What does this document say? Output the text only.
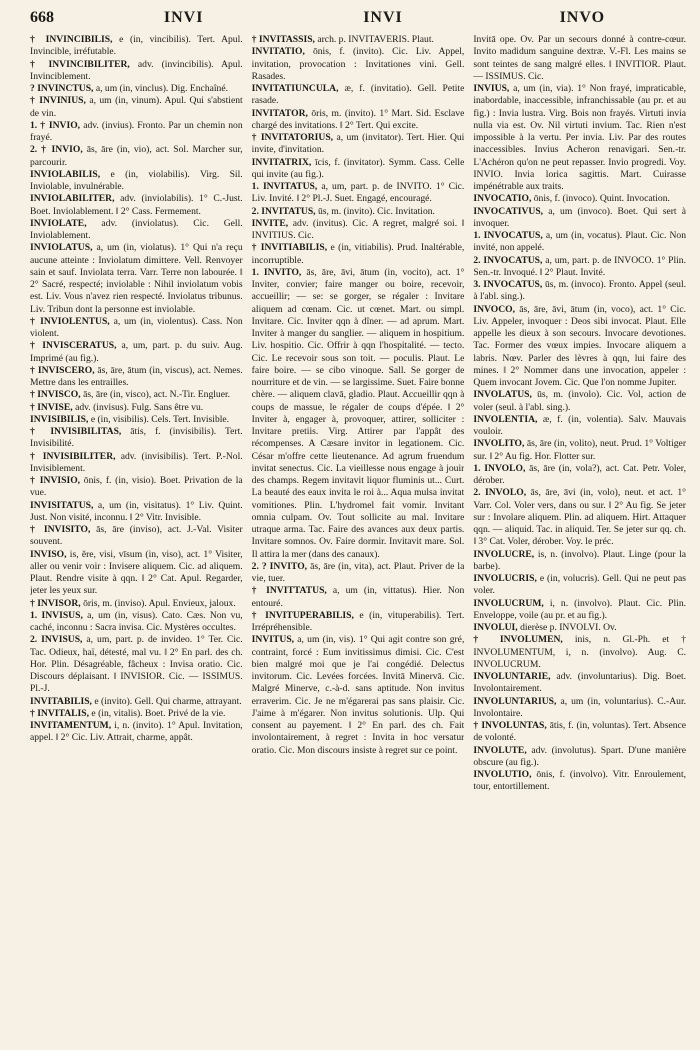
668	INVI	INVI	INVO

† INVINCIBILIS, e (in, vincibilis). Tert. Apul. Invincible, irréfutable.

† INVINCIBILITER, adv. (invincibilis). Apul. Invinciblement.

? INVINCTUS, a, um (in, vinclus). Dig. Enchaîné.

† INVINIUS, a, um (in, vinum). Apul. Qui s'abstient de vin.

1. † INVIO, adv. (invius). Fronto. Par un chemin non frayé.

2. † INVIO, ās, āre (in, vio), act. Sol. Marcher sur, parcourir.

INVIOLABILIS, e (in, violabilis). Virg. Sil. Inviolable, invulnérable.

INVIOLABILITER, adv. (inviolabilis). 1° C.-Just. Boet. Inviolablement. ‖ 2° Cass. Fermement.

INVIOLATE, adv. (inviolatus). Cic. Gell. Inviolablement.

INVIOLATUS, a, um (in, violatus). 1° Qui n'a reçu aucune atteinte : Inviolatum dimittere. Vell. Renvoyer sain et sauf. Inviolata terra. Varr. Terre non labourée. ‖ 2° Sacré, respecté; inviolable : Nihil inviolatum vobis est. Liv. Vous n'avez rien respecté. Inviolatus tribunus. Liv. Tribun dont la personne est inviolable.

† INVIOLENTUS, a, um (in, violentus). Cass. Non violent.

† INVISCERATUS, a, um, part. p. du suiv. Aug. Imprimé (au fig.).

† INVISCERO, ās, āre, ātum (in, viscus), act. Nemes. Mettre dans les entrailles.

† INVISCO, ās, āre (in, visco), act. N.-Tir. Engluer.

† INVISE, adv. (invisus). Fulg. Sans être vu.

INVISIBILIS, e (in, visibilis). Cels. Tert. Invisible.

† INVISIBILITAS, ātis, f. (invisibilis). Tert. Invisibilité.

† INVISIBILITER, adv. (invisibilis). Tert. P.-Nol. Invisiblement.

† INVISIO, ōnis, f. (in, visio). Boet. Privation de la vue.

INVISITATUS, a, um (in, visitatus). 1° Liv. Quint. Just. Non visité, inconnu. ‖ 2° Vitr. Invisible.

† INVISITO, ās, āre (inviso), act. J.-Val. Visiter souvent.

INVISO, is, ĕre, visi, vīsum (in, viso), act. 1° Visiter, aller ou venir voir : Invisere aliquem. Cic. ad aliquem. Plaut. Rendre visite à qqn. ‖ 2° Cat. Apul. Regarder, jeter les yeux sur.

† INVISOR, ōris, m. (inviso). Apul. Envieux, jaloux.

1. INVISUS, a, um (in, visus). Cato. Cæs. Non vu, caché, inconnu : Sacra invisa. Cic. Mystères occultes.

2. INVISUS, a, um, part. p. de invideo. 1° Ter. Cic. Tac. Odieux, haï, détesté, mal vu. ‖ 2° En parl. des ch. Hor. Plin. Désagréable, fâcheux : Invisa oratio. Cic. Discours déplaisant. ‖ INVISIOR. Cic. — ISSIMUS. Pl.-J.

INVITABILIS, e (invito). Gell. Qui charme, attrayant.

† INVITALIS, e (in, vitalis). Boet. Privé de la vie.

INVITAMENTUM, i, n. (invito). 1° Apul. Invitation, appel. ‖ 2° Cic. Liv. Attrait, charme, appât.

† INVITASSIS, arch. p. INVITAVERIS. Plaut.

INVITATIO, ōnis, f. (invito). Cic. Liv. Appel, invitation, provocation : Invitationes vini. Gell. Rasades.

INVITATIUNCULA, æ, f. (invitatio). Gell. Petite rasade.

INVITATOR, ōris, m. (invito). 1° Mart. Sid. Esclave chargé des invitations. ‖ 2° Tert. Qui excite.

† INVITATORIUS, a, um (invitator). Tert. Hier. Qui invite, d'invitation.

INVITATRIX, īcis, f. (invitator). Symm. Cass. Celle qui invite (au fig.).

1. INVITATUS, a, um, part. p. de INVITO. 1° Cic. Liv. Invité. ‖ 2° Pl.-J. Suet. Engagé, encouragé.

2. INVITATUS, ūs, m. (invito). Cic. Invitation.

INVITE, adv. (invitus). Cic. A regret, malgré soi. ‖ INVITIUS. Cic.

† INVITIABILIS, e (in, vitiabilis). Prud. Inaltérable, incorruptible.

1. INVITO, ās, āre, āvi, ātum (in, vocito), act. 1° Inviter, convier; faire manger ou boire, recevoir, accueillir; — se: se gorger, se régaler : Invitare aliquem ad cœnam. Cic. ut cœnet. Mart. ou simpl. Invitare. Cic. Inviter qqn à dîner. — ad aprum. Mart. Inviter à manger du sanglier. — aliquem in hospitium. Liv. hospitio. Cic. Offrir à qqn l'hospitalité. — tecto. Cic. Le recevoir sous son toit. — poculis. Plaut. Le faire boire. — se cibo vinoque. Sall. Se gorger de nourriture et de vin. — se largissime. Suet. Faire bonne chère. — aliquem clavā, gladio. Plaut. Accueillir qqn à coups de massue, le régaler de coups d'épée. ‖ 2° Inviter à, engager à, provoquer, attirer, solliciter : Invitare pretiis. Virg. Attirer par l'appât des récompenses. A Cæsare invitor in legationem. Cic. César m'offre cette lieutenance. Ad agrum fruendum invitat senectus. Cic. La vieillesse nous engage à jouir des champs. Regem invitavit liquor fluminis ut... Curt. La beauté des eaux invita le roi à... Aqua mulsa invitat vomitiones. Plin. L'hydromel fait vomir. Invitant omnia culpam. Ov. Tout sollicite au mal. Invitare utraque arma. Tac. Faire des avances aux deux partis. Invitare somnos. Ov. Faire dormir. Invitavit mare. Sol. Il attira la mer (dans des canaux).

2. ? INVITO, ās, āre (in, vita), act. Plaut. Priver de la vie, tuer.

† INVITTATUS, a, um (in, vittatus). Hier. Non entouré.

† INVITUPERABILIS, e (in, vituperabilis). Tert. Irrépréhensible.

INVITUS, a, um (in, vis). 1° Qui agit contre son gré, contraint, forcé : Eum invitissimus dimisi. Cic. C'est bien malgré moi que je l'ai congédié. Delectus invitorum. Cic. Levées forcées. Invitā Minervā. Cic. Malgré Minerve, c.-à-d. sans aptitude. Non invitus erraverim. Cic. Je ne m'égarerai pas sans plaisir. Cic. J'aime à m'égarer. Non invitus solutionis. Ulp. Qui consent au payement. ‖ 2° En parl. des ch. Fait involontairement, à regret : Invita in hoc versatur oratio. Cic. Mon discours insiste à regret sur ce point.

Invitā ope. Ov. Par un secours donné à contre-cœur. Invito madidum sanguine dextræ. V.-Fl. Les mains se sont teintes de sang malgré elles. ‖ INVITIOR. Plaut. — ISSIMUS. Cic.

INVIUS, a, um (in, via). 1° Non frayé, impraticable, inabordable, inaccessible, infranchissable (au pr. et au fig.) : Invia lustra. Virg. Bois non frayés. Virtuti invia nulla via est. Ov. Nil virtuti invium. Tac. Rien n'est impossible à la vertu. Per invia. Liv. Par des routes inaccessibles. Invius Acheron renavigari. Sen.-tr. L'Achéron qu'on ne peut repasser. Invio progredi. Voy. INVIO. Invia lorica sagittis. Mart. Cuirasse impénétrable aux traits.

INVOCATIO, ōnis, f. (invoco). Quint. Invocation.

INVOCATIVUS, a, um (invoco). Boet. Qui sert à invoquer.

1. INVOCATUS, a, um (in, vocatus). Plaut. Cic. Non invité, non appelé.

2. INVOCATUS, a, um, part. p. de INVOCO. 1° Plin. Sen.-tr. Invoqué. ‖ 2° Plaut. Invité.

3. INVOCATUS, ūs, m. (invoco). Fronto. Appel (seul. à l'abl. sing.).

INVOCO, ās, āre, āvi, ātum (in, voco), act. 1° Cic. Liv. Appeler, invoquer : Deos sibi invocat. Plaut. Elle appelle les dieux à son secours. Invocare devotiones. Tac. Former des vœux impies. Invocare aliquem a labris. Nœv. Parler des lèvres à qqn, lui faire des mines. ‖ 2° Nommer dans une invocation, appeler : Quem invocant Jovem. Cic. Que l'on nomme Jupiter.

INVOLATUS, ūs, m. (involo). Cic. Vol, action de voler (seul. à l'abl. sing.).

INVOLENTIA, æ, f. (in, volentia). Salv. Mauvais vouloir.

INVOLITO, ās, āre (in, volito), neut. Prud. 1° Voltiger sur. ‖ 2° Au fig. Hor. Flotter sur.

1. INVOLO, ās, āre (in, vola?), act. Cat. Petr. Voler, dérober.

2. INVOLO, ās, āre, āvi (in, volo), neut. et act. 1° Varr. Col. Voler vers, dans ou sur. ‖ 2° Au fig. Se jeter sur : Involare aliquem. Plin. ad aliquem. Hirt. Attaquer qqn. — aliquid. Tac. in aliquid. Ter. Se jeter sur qq. ch. ‖ 3° Cat. Voler, dérober. Voy. le préc.

INVOLUCRE, is, n. (involvo). Plaut. Linge (pour la barbe).

INVOLUCRIS, e (in, volucris). Gell. Qui ne peut pas voler.

INVOLUCRUM, i, n. (involvo). Plaut. Cic. Plin. Enveloppe, voile (au pr. et au fig.).

INVOLUI, dierèse p. INVOLVI. Ov.

† INVOLUMEN, inis, n. Gl.-Ph. et † INVOLUMENTUM, i, n. (involvo). Aug. C. INVOLUCRUM.

INVOLUNTARIE, adv. (involuntarius). Dig. Boet. Involontairement.

INVOLUNTARIUS, a, um (in, voluntarius). C.-Aur. Involontaire.

† INVOLUNTAS, ātis, f. (in, voluntas). Tert. Absence de volonté.

INVOLUTE, adv. (involutus). Spart. D'une manière obscure (au fig.).

INVOLUTIO, ōnis, f. (involvo). Vitr. Enroulement, tour, entortillement.
